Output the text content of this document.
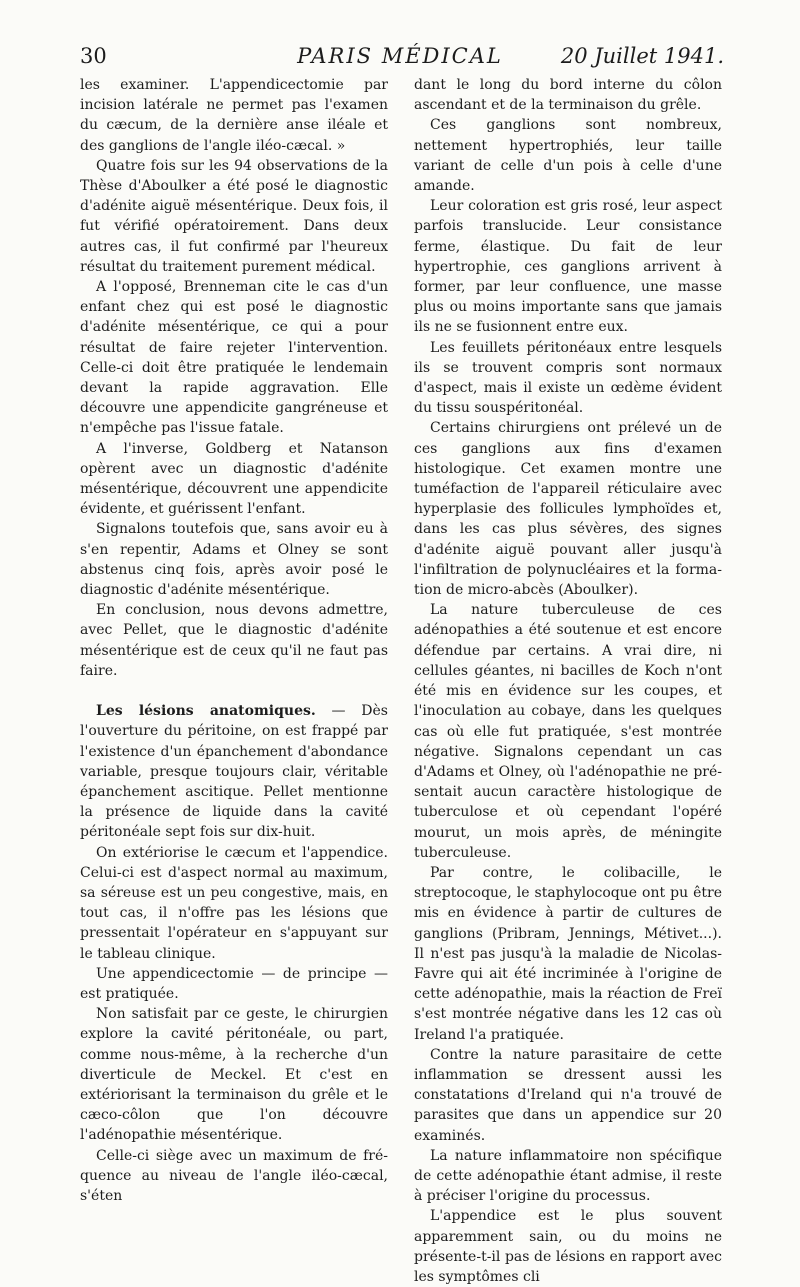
30	PARIS MÉDICAL	20 Juillet 1941.

les examiner. L'appendicectomie par incision latérale ne permet pas l'examen du cæcum, de la dernière anse iléale et des ganglions de l'angle iléo-cæcal. »

Quatre fois sur les 94 observations de la Thèse d'Aboulker a été posé le diagnostic d'adénite aiguë mésentérique. Deux fois, il fut vérifié opératoirement. Dans deux autres cas, il fut confirmé par l'heureux résultat du traitement purement médical.

A l'opposé, Brenneman cite le cas d'un enfant chez qui est posé le diagnostic d'adénite mésentérique, ce qui a pour résultat de faire rejeter l'intervention. Celle-ci doit être pratiquée le lendemain devant la rapide aggravation. Elle découvre une appendicite gangréneuse et n'empêche pas l'issue fatale.

A l'inverse, Goldberg et Natanson opèrent avec un diagnostic d'adénite mésentérique, découvrent une appendicite évidente, et guérissent l'enfant.

Signalons toutefois que, sans avoir eu à s'en repentir, Adams et Olney se sont abstenus cinq fois, après avoir posé le diagnostic d'adénite mésentérique.

En conclusion, nous devons admettre, avec Pellet, que le diagnostic d'adénite mésentérique est de ceux qu'il ne faut pas faire.

Les lésions anatomiques. — Dès l'ouverture du péritoine, on est frappé par l'existence d'un épanchement d'abondance variable, presque toujours clair, véritable épanchement ascitique. Pellet mentionne la présence de liquide dans la cavité péritonéale sept fois sur dix-huit.

On extériorise le cæcum et l'appendice. Celui-ci est d'aspect normal au maximum, sa séreuse est un peu congestive, mais, en tout cas, il n'offre pas les lésions que pressentait l'opérateur en s'appuyant sur le tableau clinique.

Une appendicectomie — de principe — est pratiquée.

Non satisfait par ce geste, le chirurgien explore la cavité péritonéale, ou part, comme nous-même, à la recherche d'un diverticule de Meckel. Et c'est en extériorisant la terminaison du grêle et le cæco-côlon que l'on découvre l'adénopathie mésentérique.

Celle-ci siège avec un maximum de fréquence au niveau de l'angle iléo-cæcal, s'éten

dant le long du bord interne du côlon ascendant et de la terminaison du grêle.

Ces ganglions sont nombreux, nettement hypertrophiés, leur taille variant de celle d'un pois à celle d'une amande.

Leur coloration est gris rosé, leur aspect parfois translucide. Leur consistance ferme, élastique. Du fait de leur hypertrophie, ces ganglions arrivent à former, par leur confluence, une masse plus ou moins importante sans que jamais ils ne se fusionnent entre eux.

Les feuillets péritonéaux entre lesquels ils se trouvent compris sont normaux d'aspect, mais il existe un œdème évident du tissu souspéritonéal.

Certains chirurgiens ont prélevé un de ces ganglions aux fins d'examen histologique. Cet examen montre une tuméfaction de l'appareil réticulaire avec hyperplasie des follicules lymphoïdes et, dans les cas plus sévères, des signes d'adénite aiguë pouvant aller jusqu'à l'infiltration de polynucléaires et la formation de micro-abcès (Aboulker).

La nature tuberculeuse de ces adénopathies a été soutenue et est encore défendue par certains. A vrai dire, ni cellules géantes, ni bacilles de Koch n'ont été mis en évidence sur les coupes, et l'inoculation au cobaye, dans les quelques cas où elle fut pratiquée, s'est montrée négative. Signalons cependant un cas d'Adams et Olney, où l'adénopathie ne présentait aucun caractère histologique de tuberculose et où cependant l'opéré mourut, un mois après, de méningite tuberculeuse.

Par contre, le colibacille, le streptocoque, le staphylocoque ont pu être mis en évidence à partir de cultures de ganglions (Pribram, Jennings, Métivet...). Il n'est pas jusqu'à la maladie de Nicolas-Favre qui ait été incriminée à l'origine de cette adénopathie, mais la réaction de Freï s'est montrée négative dans les 12 cas où Ireland l'a pratiquée.

Contre la nature parasitaire de cette inflammation se dressent aussi les constatations d'Ireland qui n'a trouvé de parasites que dans un appendice sur 20 examinés.

La nature inflammatoire non spécifique de cette adénopathie étant admise, il reste à préciser l'origine du processus.

L'appendice est le plus souvent apparemment sain, ou du moins ne présente-t-il pas de lésions en rapport avec les symptômes cli
